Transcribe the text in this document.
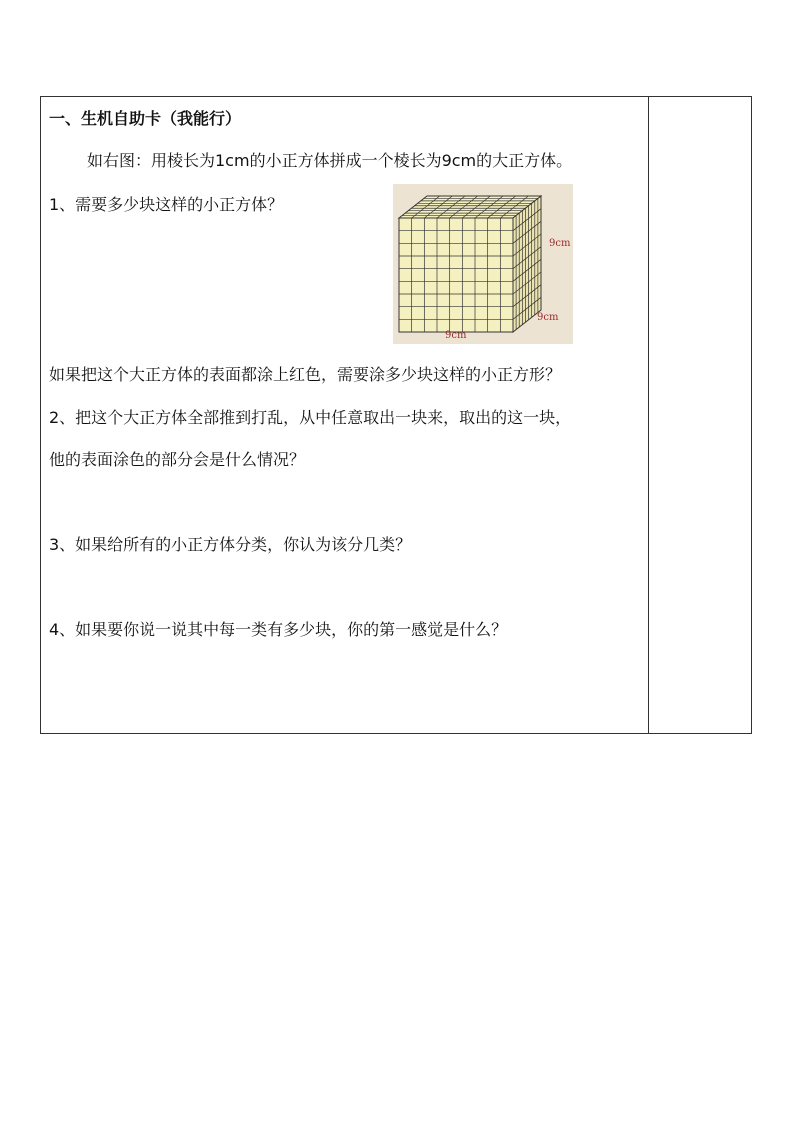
一、生机自助卡（我能行）
如右图：用棱长为1cm的小正方体拼成一个棱长为9cm的大正方体。
1、需要多少块这样的小正方体？
9cm
9cm
9cm
如果把这个大正方体的表面都涂上红色，需要涂多少块这样的小正方形？
2、把这个大正方体全部推到打乱，从中任意取出一块来，取出的这一块，
他的表面涂色的部分会是什么情况？
3、如果给所有的小正方体分类，你认为该分几类？
4、如果要你说一说其中每一类有多少块，你的第一感觉是什么？
